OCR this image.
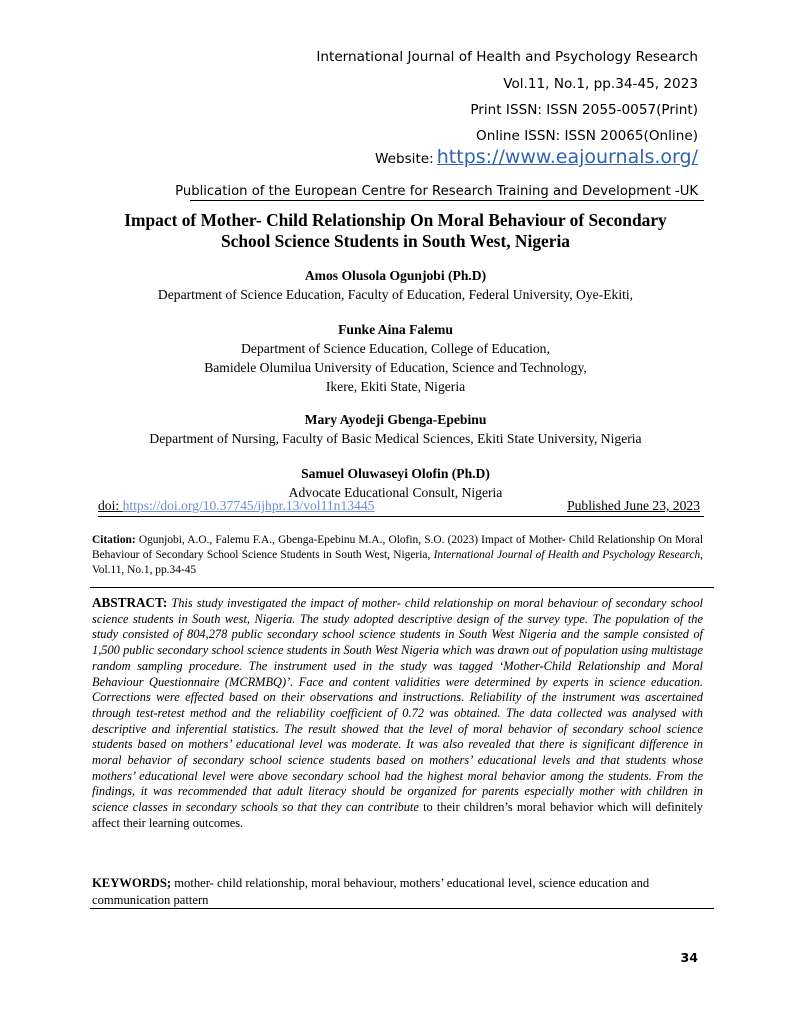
International Journal of Health and Psychology Research
Vol.11, No.1, pp.34-45, 2023
Print ISSN: ISSN 2055-0057(Print)
Online ISSN: ISSN 20065(Online)
Website: https://www.eajournals.org/
Publication of the European Centre for Research Training and Development -UK
Impact of Mother- Child Relationship On Moral Behaviour of Secondary
School Science Students in South West, Nigeria
Amos Olusola Ogunjobi (Ph.D)
Department of Science Education, Faculty of Education, Federal University, Oye-Ekiti,
Funke Aina Falemu
Department of Science Education, College of Education,
Bamidele Olumilua University of Education, Science and Technology,
Ikere, Ekiti State, Nigeria
Mary Ayodeji Gbenga-Epebinu
Department of Nursing, Faculty of Basic Medical Sciences, Ekiti State University, Nigeria
Samuel Oluwaseyi Olofin (Ph.D)
Advocate Educational Consult, Nigeria
doi: https://doi.org/10.37745/ijhpr.13/vol11n13445	Published June 23, 2023
Citation: Ogunjobi, A.O., Falemu F.A., Gbenga-Epebinu M.A., Olofin, S.O. (2023) Impact of Mother- Child Relationship On Moral Behaviour of Secondary School Science Students in South West, Nigeria, International Journal of Health and Psychology Research, Vol.11, No.1, pp.34-45
ABSTRACT: This study investigated the impact of mother- child relationship on moral behaviour of secondary school science students in South west, Nigeria. The study adopted descriptive design of the survey type. The population of the study consisted of 804,278 public secondary school science students in South West Nigeria and the sample consisted of 1,500 public secondary school science students in South West Nigeria which was drawn out of population using multistage random sampling procedure. The instrument used in the study was tagged ‘Mother-Child Relationship and Moral Behaviour Questionnaire (MCRMBQ)’. Face and content validities were determined by experts in science education. Corrections were effected based on their observations and instructions. Reliability of the instrument was ascertained through test-retest method and the reliability coefficient of 0.72 was obtained. The data collected was analysed with descriptive and inferential statistics. The result showed that the level of moral behavior of secondary school science students based on mothers’ educational level was moderate. It was also revealed that there is significant difference in moral behavior of secondary school science students based on mothers’ educational levels and that students whose mothers’ educational level were above secondary school had the highest moral behavior among the students. From the findings, it was recommended that adult literacy should be organized for parents especially mother with children in science classes in secondary schools so that they can contribute to their children’s moral behavior which will definitely affect their learning outcomes.
KEYWORDS; mother- child relationship, moral behaviour, mothers’ educational level, science education and communication pattern
34
